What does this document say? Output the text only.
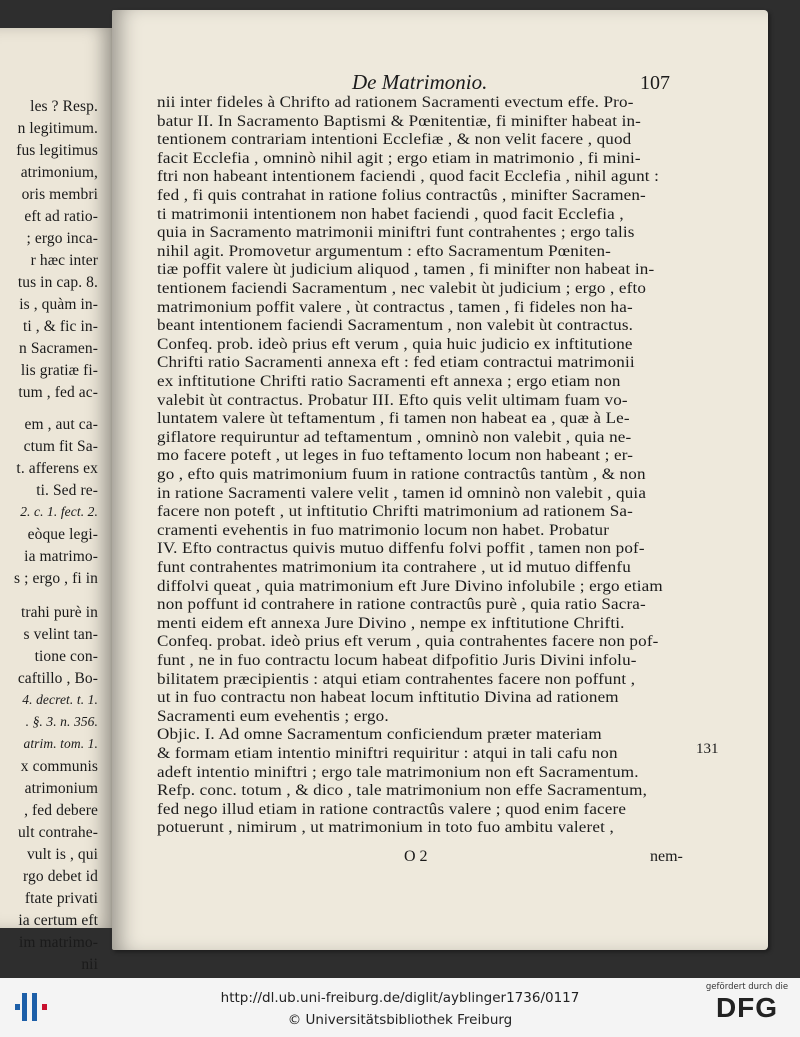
les ? Resp.
n legitimum.
fus legitimus
atrimonium,
oris membri
eft ad ratio-
; ergo inca-
r hæc inter
tus in cap. 8.
is , quàm in-
ti , & fic in-
n Sacramen-
lis gratiæ fi-
tum , fed ac-
em , aut ca-
ctum fit Sa-
t. afferens ex
ti. Sed re-
2. c. 1. fect. 2.
eòque legi-
ia matrimo-
s ; ergo , fi in
trahi purè in
s velint tan-
tione con-
caftillo , Bo-
4. decret. t. 1.
. §. 3. n. 356.
atrim. tom. 1.
x communis
atrimonium
, fed debere
ult contrahe-
vult is , qui
rgo debet id
ftate privati
ia certum eft
im matrimo-
nii
De Matrimonio.	107
nii inter fideles à Chrifto ad rationem Sacramenti evectum effe. Pro-
batur II. In Sacramento Baptismi & Pœnitentiæ, fi minifter habeat in-
tentionem contrariam intentioni Ecclefiæ , & non velit facere , quod
facit Ecclefia , omninò nihil agit ; ergo etiam in matrimonio , fi mini-
ftri non habeant intentionem faciendi , quod facit Ecclefia , nihil agunt :
fed , fi quis contrahat in ratione folius contractûs , minifter Sacramen-
ti matrimonii intentionem non habet faciendi , quod facit Ecclefia ,
quia in Sacramento matrimonii miniftri funt contrahentes ; ergo talis
nihil agit. Promovetur argumentum : efto Sacramentum Pœniten-
tiæ poffit valere ùt judicium aliquod , tamen , fi minifter non habeat in-
tentionem faciendi Sacramentum , nec valebit ùt judicium ; ergo , efto
matrimonium poffit valere , ùt contractus , tamen , fi fideles non ha-
beant intentionem faciendi Sacramentum , non valebit ùt contractus.
Confeq. prob. ideò prius eft verum , quia huic judicio ex inftitutione
Chrifti ratio Sacramenti annexa eft : fed etiam contractui matrimonii
ex inftitutione Chrifti ratio Sacramenti eft annexa ; ergo etiam non
valebit ùt contractus. Probatur III. Efto quis velit ultimam fuam vo-
luntatem valere ùt teftamentum , fi tamen non habeat ea , quæ à Le-
giflatore requiruntur ad teftamentum , omninò non valebit , quia ne-
mo facere poteft , ut leges in fuo teftamento locum non habeant ; er-
go , efto quis matrimonium fuum in ratione contractûs tantùm , & non
in ratione Sacramenti valere velit , tamen id omninò non valebit , quia
facere non poteft , ut inftitutio Chrifti matrimonium ad rationem Sa-
cramenti evehentis in fuo matrimonio locum non habet. Probatur
IV. Efto contractus quivis mutuo diffenfu folvi poffit , tamen non pof-
funt contrahentes matrimonium ita contrahere , ut id mutuo diffenfu
diffolvi queat , quia matrimonium eft Jure Divino infolubile ; ergo etiam
non poffunt id contrahere in ratione contractûs purè , quia ratio Sacra-
menti eidem eft annexa Jure Divino , nempe ex inftitutione Chrifti.
Confeq. probat. ideò prius eft verum , quia contrahentes facere non pof-
funt , ne in fuo contractu locum habeat difpofitio Juris Divini infolu-
bilitatem præcipientis : atqui etiam contrahentes facere non poffunt ,
ut in fuo contractu non habeat locum inftitutio Divina ad rationem
Sacramenti eum evehentis ; ergo.
Objic. I. Ad omne Sacramentum conficiendum præter materiam
& formam etiam intentio miniftri requiritur : atqui in tali cafu non
adeft intentio miniftri ; ergo tale matrimonium non eft Sacramentum.
Refp. conc. totum , & dico , tale matrimonium non effe Sacramentum,
fed nego illud etiam in ratione contractûs valere ; quod enim facere
potuerunt , nimirum , ut matrimonium in toto fuo ambitu valeret ,
131
O 2	nem-
http://dl.ub.uni-freiburg.de/diglit/ayblinger1736/0117
© Universitätsbibliothek Freiburg
gefördert durch die
DFG
